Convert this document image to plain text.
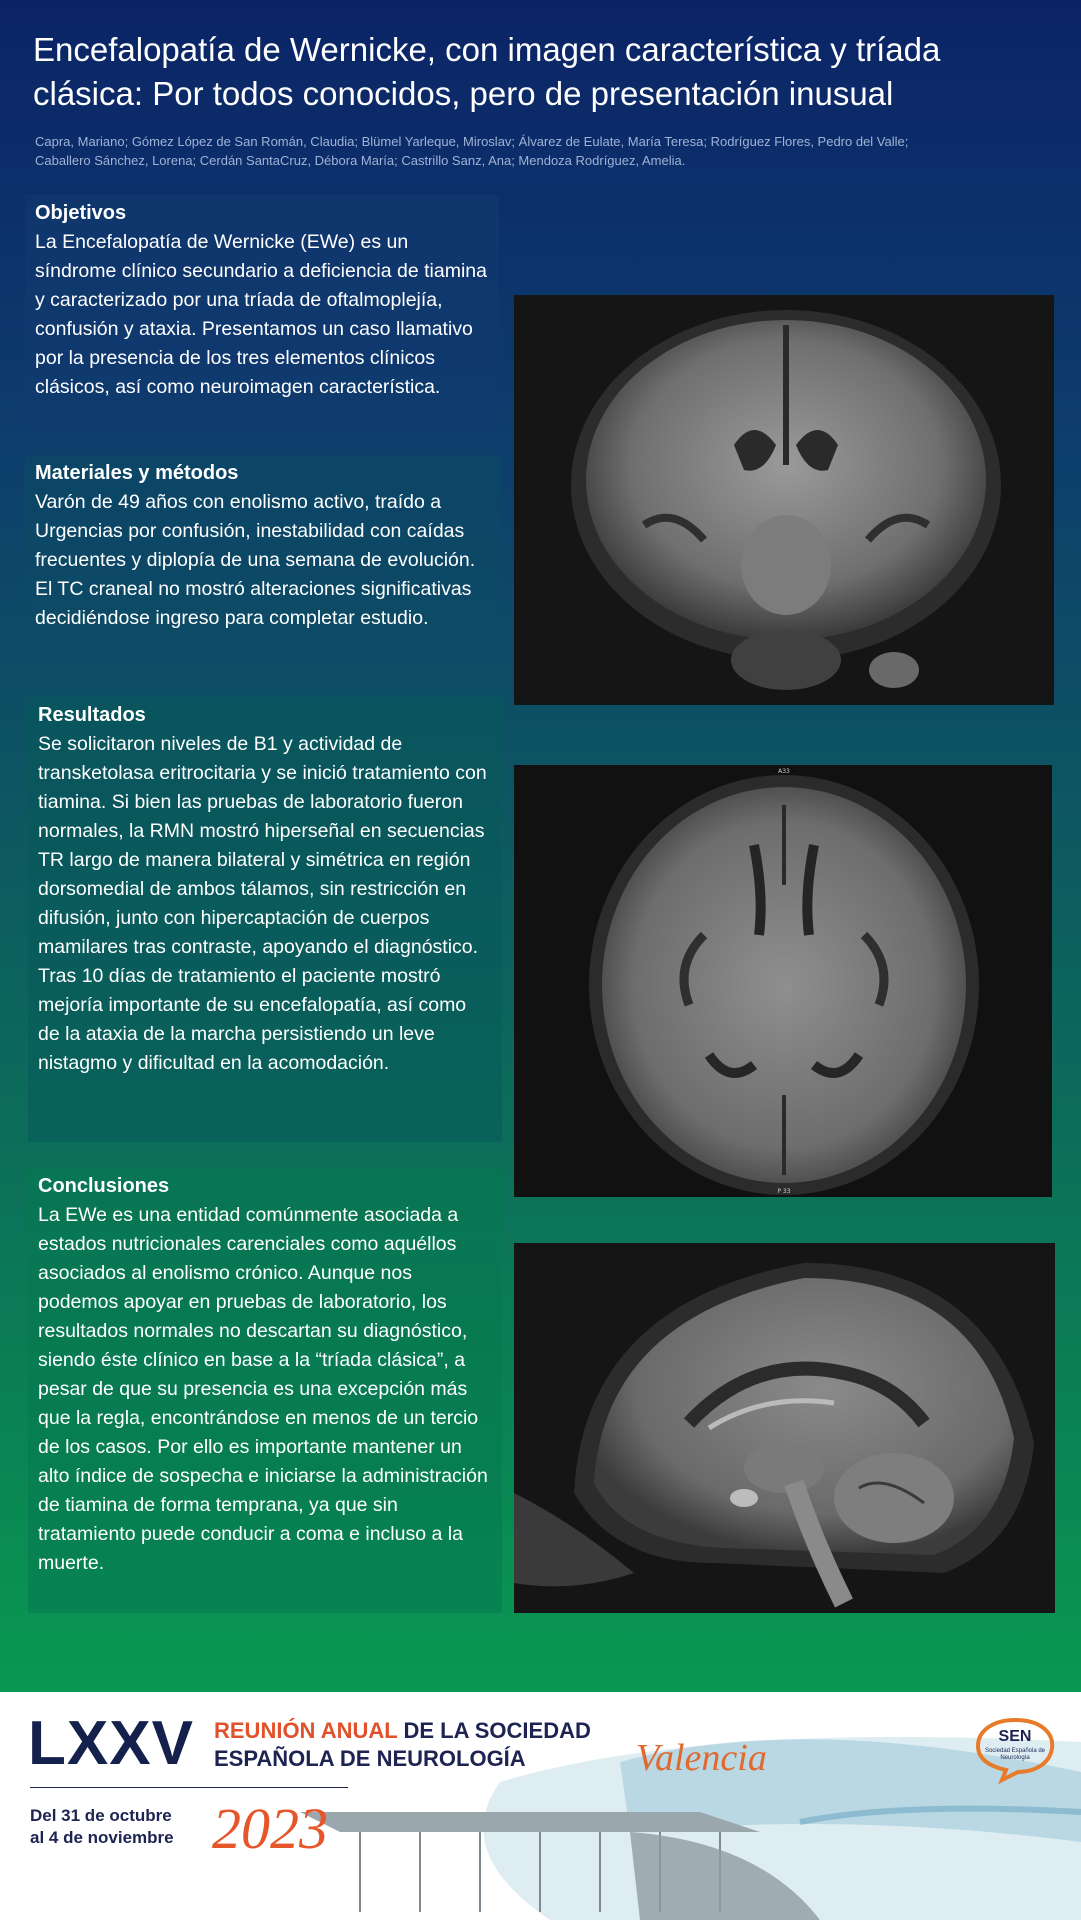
Encefalopatía de Wernicke, con imagen característica y tríada
clásica: Por todos conocidos, pero de presentación inusual
Capra, Mariano; Gómez López de San Román, Claudia; Blümel Yarleque, Miroslav; Álvarez de Eulate, María Teresa; Rodríguez Flores, Pedro del Valle;
Caballero Sánchez, Lorena; Cerdán SantaCruz, Débora María; Castrillo Sanz, Ana; Mendoza Rodríguez, Amelia.
Objetivos

La Encefalopatía de Wernicke (EWe) es un síndrome clínico secundario a deficiencia de tiamina y caracterizado por una tríada de oftalmoplejía, confusión y ataxia. Presentamos un caso llamativo por la presencia de los tres elementos clínicos clásicos, así como neuroimagen característica.

Materiales y métodos

Varón de 49 años con enolismo activo, traído a Urgencias por confusión, inestabilidad con caídas frecuentes y diplopía de una semana de evolución. El TC craneal no mostró alteraciones significativas decidiéndose ingreso para completar estudio.

Resultados

Se solicitaron niveles de B1 y actividad de transketolasa eritrocitaria y se inició tratamiento con tiamina. Si bien las pruebas de laboratorio fueron normales, la RMN mostró hiperseñal en secuencias TR largo de manera bilateral y simétrica en región dorsomedial de ambos tálamos, sin restricción en difusión, junto con hipercaptación de cuerpos mamilares tras contraste, apoyando el diagnóstico. Tras 10 días de tratamiento el paciente mostró mejoría importante de su encefalopatía, así como de la ataxia de la marcha persistiendo un leve nistagmo y dificultad en la acomodación.

Conclusiones

La EWe es una entidad comúnmente asociada a estados nutricionales carenciales como aquéllos asociados al enolismo crónico. Aunque nos podemos apoyar en pruebas de laboratorio, los resultados normales no descartan su diagnóstico, siendo éste clínico en base a la “tríada clásica”, a pesar de que su presencia es una excepción más que la regla, encontrándose en menos de un tercio de los casos. Por ello es importante mantener un alto índice de sospecha e iniciarse la administración de tiamina de forma temprana, ya que sin tratamiento puede conducir a coma e incluso a la muerte.

A33
P 33
LXXV REUNIÓN ANUAL DE LA SOCIEDAD
ESPAÑOLA DE NEUROLOGÍA
Del 31 de octubre
al 4 de noviembre 2023
Valencia
SEN
Sociedad Española de Neurología
